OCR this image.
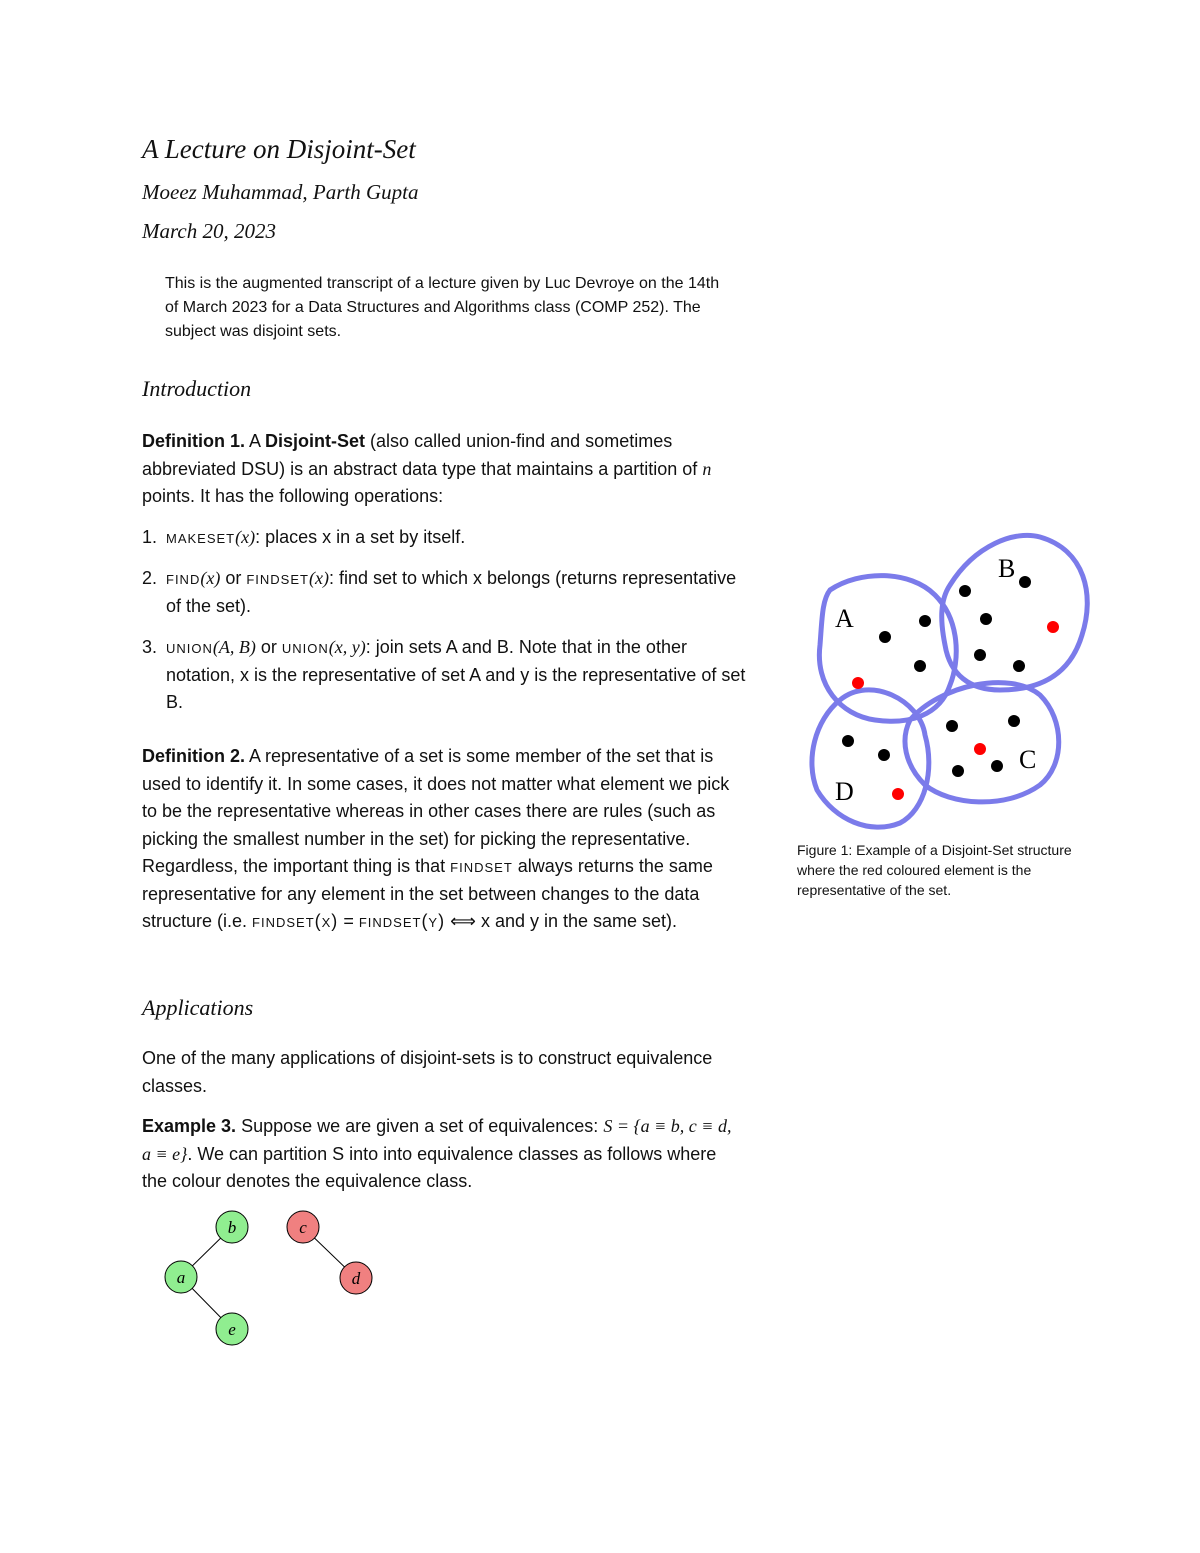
A Lecture on Disjoint-Set
Moeez Muhammad, Parth Gupta
March 20, 2023
This is the augmented transcript of a lecture given by Luc Devroye on the 14th of March 2023 for a Data Structures and Algorithms class (COMP 252). The subject was disjoint sets.
Introduction
Definition 1. A Disjoint-Set (also called union-find and sometimes abbreviated DSU) is an abstract data type that maintains a partition of n points. It has the following operations:
1. makeset(x): places x in a set by itself.
2. find(x) or findset(x): find set to which x belongs (returns representative of the set).
3. union(A, B) or union(x, y): join sets A and B. Note that in the other notation, x is the representative of set A and y is the representative of set B.
Definition 2. A representative of a set is some member of the set that is used to identify it. In some cases, it does not matter what element we pick to be the representative whereas in other cases there are rules (such as picking the smallest number in the set) for picking the representative. Regardless, the important thing is that findset always returns the same representative for any element in the set between changes to the data structure (i.e. findset(x) = findset(y) ⟺ x and y in the same set).
Applications
One of the many applications of disjoint-sets is to construct equivalence classes.
Example 3. Suppose we are given a set of equivalences: S = {a ≡ b, c ≡ d, a ≡ e}. We can partition S into into equivalence classes as follows where the colour denotes the equivalence class.
b
a
e
c
d
A
B
C
D
Figure 1: Example of a Disjoint-Set structure where the red coloured element is the representative of the set.
